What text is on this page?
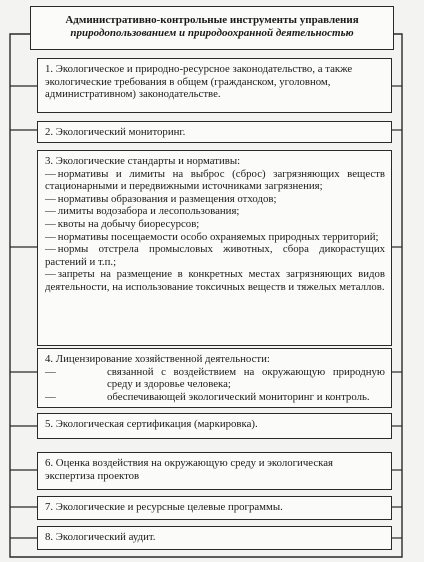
Административно-контрольные инструменты управления
природопользованием и природоохранной деятельностью

1. Экологическое и природно-ресурсное законодательство, а также экологические требования в общем (гражданском, уголовном, административном) законодательстве.

2. Экологический мониторинг.

3. Экологические стандарты и нормативы:

— нормативы и лимиты на выброс (сброс) загрязняющих веществ стационарными и передвижными источниками загрязнения;
— нормативы образования и размещения отходов;
— лимиты водозабора и лесопользования;
— квоты на добычу биоресурсов;
— нормативы посещаемости особо охраняемых природных территорий;
— нормы отстрела промысловых животных, сбора дикорастущих растений и т.п.;
— запреты на размещение в конкретных местах загрязняющих видов деятельности, на использование токсичных веществ и тяжелых металлов.

4. Лицензирование хозяйственной деятельности:

— связанной с воздействием на окружающую природную среду и здоровье человека;
— обеспечивающей экологический мониторинг и контроль.

5. Экологическая сертификация (маркировка).

6. Оценка воздействия на окружающую среду и экологическая экспертиза проектов

7. Экологические и ресурсные целевые программы.

8. Экологический аудит.
